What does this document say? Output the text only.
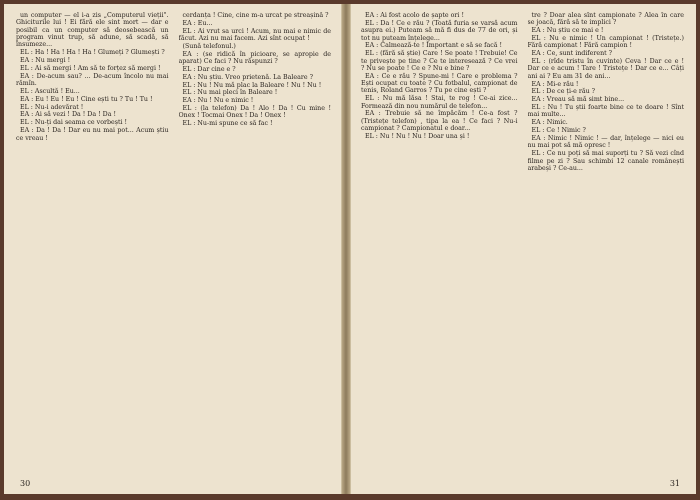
un computer — el i-a zis „Computerul vieții". Ghiciturile lui ! Ei fără ele sint mort — dar e posibil ca un computer să deosebească un program vinut trup, să adune, să scadă, să însumeze...

EL : Ha ! Ha ! Ha ! Ha ! Glumeți ? Glumești ?

EA : Nu mergi !

EL : Ai să mergi ! Am să te forțez să mergi !

EA : De-acum sau? ... De-acum încolo nu mai rămîn.

EL : Ascultă ! Eu...

EA : Eu ! Eu ! Eu ! Cine ești tu ? Tu ! Tu !

EL : Nu-i adevărat !

EA : Ai să vezi ! Da ! Da ! Da !

EL : Nu-ți dai seama ce vorbești !

EA : Da ! Da ! Dar eu nu mai pot... Acum știu ce vreau !

cerdanța ! Cine, cine m-a urcat pe streașină ?

EA : Eu...

EL : Ai vrut sa urci ! Acum, nu mai e nimic de făcut. Azi nu mai facem. Azi sînt ocupat !

(Sună telefonul.)

EA : (se ridică în picioare, se apropie de aparat) Ce faci ? Nu răspunzi ?

EL : Dar cine e ?

EA : Nu știu. Vreo prietenă. La Baleare ?

EL : Nu ! Nu mă plac la Baleare ! Nu ! Nu !

EL : Nu mai pleci în Baleare !

EA : Nu ! Nu e nimic !

EL : (la telefon) Da ! Alo ! Da ! Cu mine ! Onex ! Tocmai Onex ! Da ! Onex !

EL : Nu-mi spune ce să fac !

30

EA : Ai fost acolo de șapte ori !

EL : Da ! Ce e rău ? (Toată furia se varsă acum asupra ei.) Puteam să mă fi dus de 77 de ori, și tot nu puteam înțelege...

EA : Calmează-te ! Important e să se facă !

EL : (fără să știe) Care ! Se poate ! Trebuie! Ce te privește pe tine ? Ce te interesează ? Ce vrei ? Nu se poate ! Ce e ? Nu e bine ?

EA : Ce e rău ? Spune-mi ! Care e problema ? Ești ocupat cu toate ? Cu fotbalul, campionat de tenis, Roland Garros ? Tu pe cine ești ?

EL : Nu mă lăsa ! Stai, te rog ! Ce-ai zice... Formează din nou numărul de telefon...

EA : Trebuie să ne împăcăm ! Ce-a fost ? (Tristețe telefon) , tipa la ea ! Ce faci ? Nu-i campionat ? Campionatul e doar...

EL : Nu ! Nu ! Nu ! Doar una și !

tre ? Doar alea sînt campionate ? Alea în care se joacă, fără să te implici ?

EA : Nu știu ce mai e !

EL : Nu e nimic ! Un campionat ! (Tristețe.) Fără campionat ! Fără campion !

EA : Ce, sunt indiferent ?

EL : (rîde tristu în cuvinte) Ceva ! Dar ce e ! Dar ce e acum ! Tare ! Tristețe ! Dar ce e... Câți ani ai ? Eu am 31 de ani...

EA : Mi-e rău !

EL : De ce ți-e rău ?

EA : Vreau să mă simt bine...

EL : Nu ! Tu știi foarte bine ce te doare ! Sînt mai multe...

EA : Nimic.

EL : Ce ! Nimic ?

EA : Nimic ! Nimic ! — dar, înțelege — nici eu nu mai pot să mă opresc !

EL : Ce nu poți să mai suporți tu ? Să vezi cînd filme pe zi ? Sau schimbi 12 canale românești arabeși ? Ce-au...

31
